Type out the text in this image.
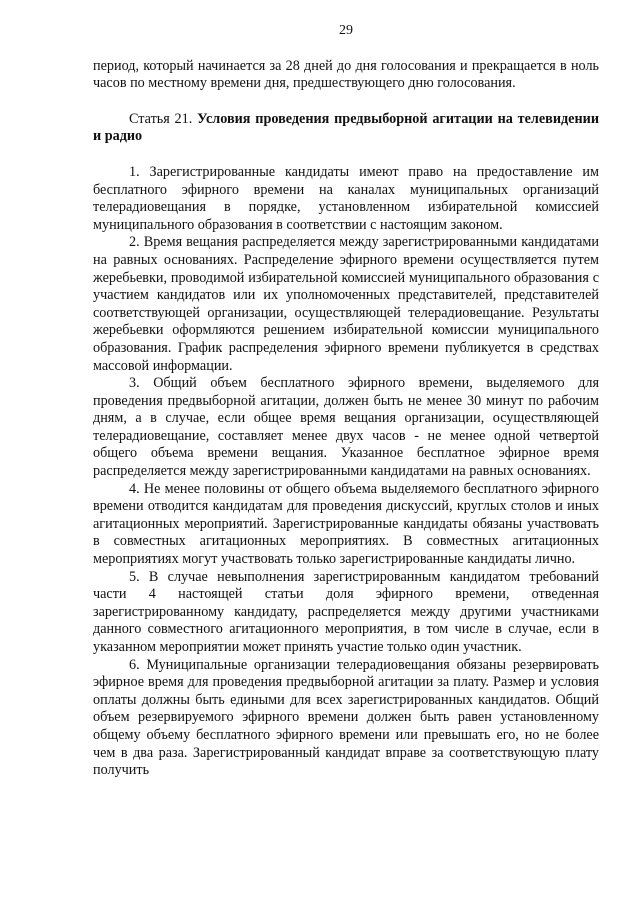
29

период, который начинается за 28 дней до дня голосования и прекращается в ноль часов по местному времени дня, предшествующего дню голосования.

Статья 21. Условия проведения предвыборной агитации на телевидении и радио

1. Зарегистрированные кандидаты имеют право на предоставление им бесплатного эфирного времени на каналах муниципальных организаций телерадиовещания в порядке, установленном избирательной комиссией муниципального образования в соответствии с настоящим законом.

2. Время вещания распределяется между зарегистрированными кандидатами на равных основаниях. Распределение эфирного времени осуществляется путем жеребьевки, проводимой избирательной комиссией муниципального образования с участием кандидатов или их уполномоченных представителей, представителей соответствующей организации, осуществляющей телерадиовещание. Результаты жеребьевки оформляются решением избирательной комиссии муниципального образования. График распределения эфирного времени публикуется в средствах массовой информации.

3. Общий объем бесплатного эфирного времени, выделяемого для проведения предвыборной агитации, должен быть не менее 30 минут по рабочим дням, а в случае, если общее время вещания организации, осуществляющей телерадиовещание, составляет менее двух часов - не менее одной четвертой общего объема времени вещания. Указанное бесплатное эфирное время распределяется между зарегистрированными кандидатами на равных основаниях.

4. Не менее половины от общего объема выделяемого бесплатного эфирного времени отводится кандидатам для проведения дискуссий, круглых столов и иных агитационных мероприятий. Зарегистрированные кандидаты обязаны участвовать в совместных агитационных мероприятиях. В совместных агитационных мероприятиях могут участвовать только зарегистрированные кандидаты лично.

5. В случае невыполнения зарегистрированным кандидатом требований части 4 настоящей статьи доля эфирного времени, отведенная зарегистрированному кандидату, распределяется между другими участниками данного совместного агитационного мероприятия, в том числе в случае, если в указанном мероприятии может принять участие только один участник.

6. Муниципальные организации телерадиовещания обязаны резервировать эфирное время для проведения предвыборной агитации за плату. Размер и условия оплаты должны быть едиными для всех зарегистрированных кандидатов. Общий объем резервируемого эфирного времени должен быть равен установленному общему объему бесплатного эфирного времени или превышать его, но не более чем в два раза. Зарегистрированный кандидат вправе за соответствующую плату получить
